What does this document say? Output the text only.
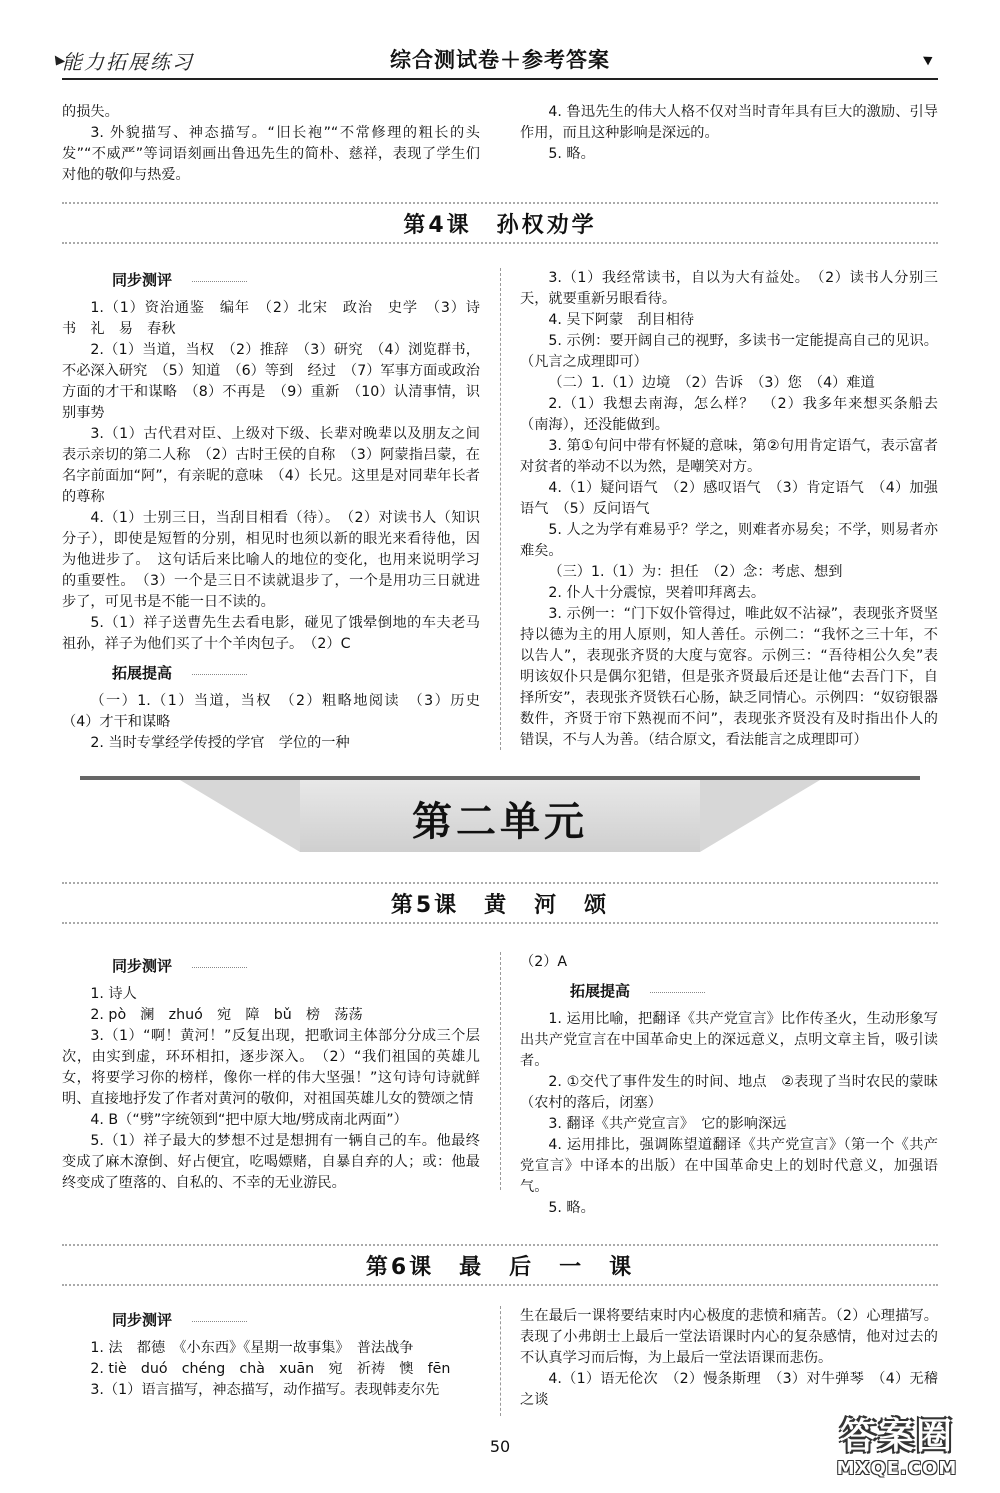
能力拓展练习	综合测试卷＋参考答案

的损失。

3. 外貌描写、神态描写。“旧长袍”“不常修理的粗长的头发”“不威严”等词语刻画出鲁迅先生的简朴、慈祥，表现了学生们对他的敬仰与热爱。

4. 鲁迅先生的伟大人格不仅对当时青年具有巨大的激励、引导作用，而且这种影响是深远的。

5. 略。

第4课　孙权劝学

同步测评

1.（1）资治通鉴　编年　（2）北宋　政治　史学　（3）诗　书　礼　易　春秋

2.（1）当道，当权　（2）推辞　（3）研究　（4）浏览群书，不必深入研究　（5）知道　（6）等到　经过　（7）军事方面或政治方面的才干和谋略　（8）不再是　（9）重新　（10）认清事情，识别事势

3.（1）古代君对臣、上级对下级、长辈对晚辈以及朋友之间表示亲切的第二人称　（2）古时王侯的自称　（3）阿蒙指吕蒙，在名字前面加“阿”，有亲昵的意味　（4）长兄。这里是对同辈年长者的尊称

4.（1）士别三日，当刮目相看（待）。　（2）对读书人（知识分子），即使是短暂的分别，相见时也须以新的眼光来看待他，因为他进步了。　这句话后来比喻人的地位的变化，也用来说明学习的重要性。　（3）一个是三日不读就退步了，一个是用功三日就进步了，可见书是不能一日不读的。

5.（1）祥子送曹先生去看电影，碰见了饿晕倒地的车夫老马祖孙，祥子为他们买了十个羊肉包子。　（2）C

拓展提高

（一）1.（1）当道，当权　（2）粗略地阅读　（3）历史　（4）才干和谋略

2. 当时专掌经学传授的学官　学位的一种

3.（1）我经常读书，自以为大有益处。　（2）读书人分别三天，就要重新另眼看待。

4. 吴下阿蒙　刮目相待

5. 示例：要开阔自己的视野，多读书一定能提高自己的见识。（凡言之成理即可）

（二）1.（1）边境　（2）告诉　（3）您　（4）难道

2.（1）我想去南海，怎么样？　（2）我多年来想买条船去（南海），还没能做到。

3. 第①句问中带有怀疑的意味，第②句用肯定语气，表示富者对贫者的举动不以为然，是嘲笑对方。

4.（1）疑问语气　（2）感叹语气　（3）肯定语气　（4）加强语气　（5）反问语气

5. 人之为学有难易乎？学之，则难者亦易矣；不学，则易者亦难矣。

（三）1.（1）为：担任　（2）念：考虑、想到

2. 仆人十分震惊，哭着叩拜离去。

3. 示例一：“门下奴仆管得过，唯此奴不沾禄”，表现张齐贤坚持以德为主的用人原则，知人善任。示例二：“我怀之三十年，不以告人”，表现张齐贤的大度与宽容。示例三：“吾待相公久矣”表明该奴仆只是偶尔犯错，但是张齐贤最后还是让他“去吾门下，自择所安”，表现张齐贤铁石心肠，缺乏同情心。示例四：“奴窃银器数件，齐贤于帘下熟视而不问”，表现张齐贤没有及时指出仆人的错误，不与人为善。（结合原文，看法能言之成理即可）

第二单元
第5课　黄　河　颂

同步测评

1. 诗人

2. pò　澜　zhuó　宛　障　bǔ　榜　荡荡

3.（1）“啊！黄河！”反复出现，把歌词主体部分分成三个层次，由实到虚，环环相扣，逐步深入。　（2）“我们祖国的英雄儿女，将要学习你的榜样，像你一样的伟大坚强！”这句诗句诗就鲜明、直接地抒发了作者对黄河的敬仰，对祖国英雄儿女的赞颂之情

4. B（“劈”字统领到“把中原大地/劈成南北两面”）

5.（1）祥子最大的梦想不过是想拥有一辆自己的车。他最终变成了麻木潦倒、好占便宜，吃喝嫖赌，自暴自弃的人；或：他最终变成了堕落的、自私的、不幸的无业游民。

（2）A

拓展提高

1. 运用比喻，把翻译《共产党宣言》比作传圣火，生动形象写出共产党宣言在中国革命史上的深远意义，点明文章主旨，吸引读者。

2. ①交代了事件发生的时间、地点　②表现了当时农民的蒙昧（农村的落后，闭塞）

3. 翻译《共产党宣言》　它的影响深远

4. 运用排比，强调陈望道翻译《共产党宣言》（第一个《共产党宣言》中译本的出版）在中国革命史上的划时代意义，加强语气。

5. 略。

第6课　最　后　一　课

同步测评

1. 法　都德　《小东西》《星期一故事集》　普法战争

2. tiè　duó　chéng　chà　xuān　宛　祈祷　懊　fēn

3.（1）语言描写，神态描写，动作描写。表现韩麦尔先

生在最后一课将要结束时内心极度的悲愤和痛苦。（2）心理描写。表现了小弗朗士上最后一堂法语课时内心的复杂感情，他对过去的不认真学习而后悔，为上最后一堂法语课而悲伤。

4.（1）语无伦次　（2）慢条斯理　（3）对牛弹琴　（4）无稽之谈

50	答案圈
MXQE.COM
